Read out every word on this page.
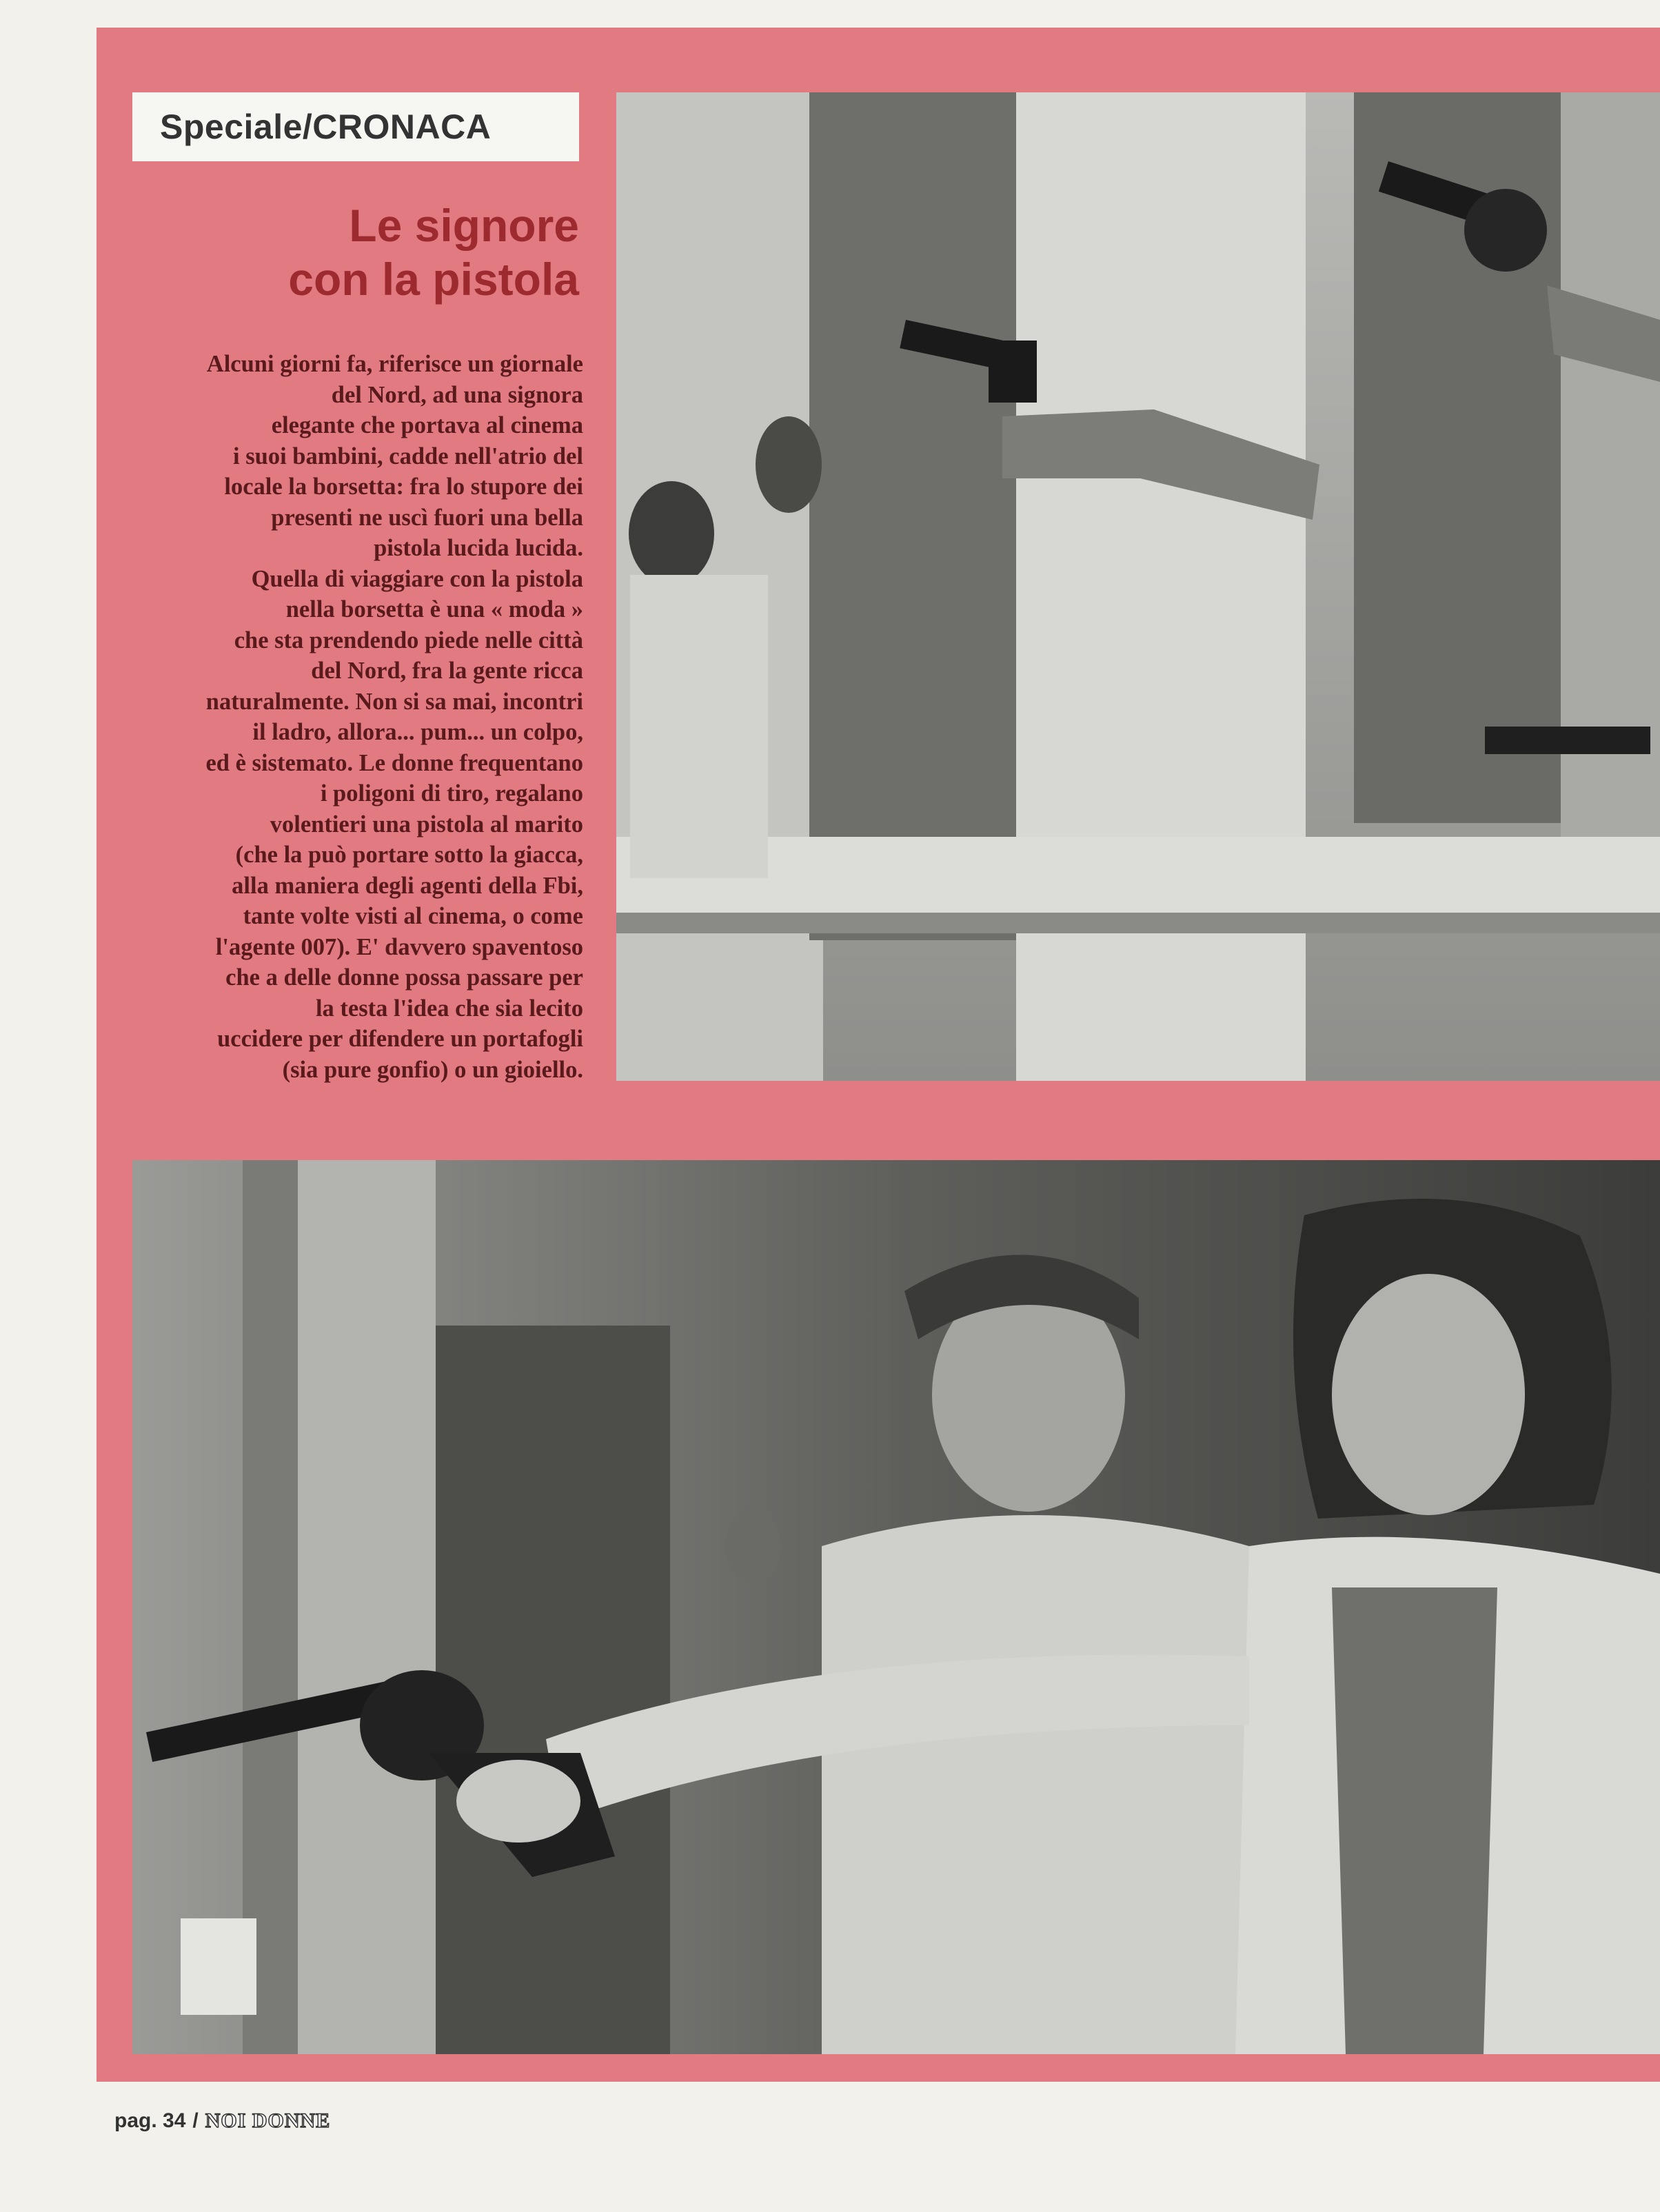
Speciale/CRONACA
Le signore
con la pistola

Alcuni giorni fa, riferisce un giornale

del Nord, ad una signora

elegante che portava al cinema

i suoi bambini, cadde nell'atrio del

locale la borsetta: fra lo stupore dei

presenti ne uscì fuori una bella

pistola lucida lucida.

Quella di viaggiare con la pistola

nella borsetta è una « moda »

che sta prendendo piede nelle città

del Nord, fra la gente ricca

naturalmente. Non si sa mai, incontri

il ladro, allora... pum... un colpo,

ed è sistemato. Le donne frequentano

i poligoni di tiro, regalano

volentieri una pistola al marito

(che la può portare sotto la giacca,

alla maniera degli agenti della Fbi,

tante volte visti al cinema, o come

l'agente 007). E' davvero spaventoso

che a delle donne possa passare per

la testa l'idea che sia lecito

uccidere per difendere un portafogli

(sia pure gonfio) o un gioiello.

pag. 34 / NOI DONNE
